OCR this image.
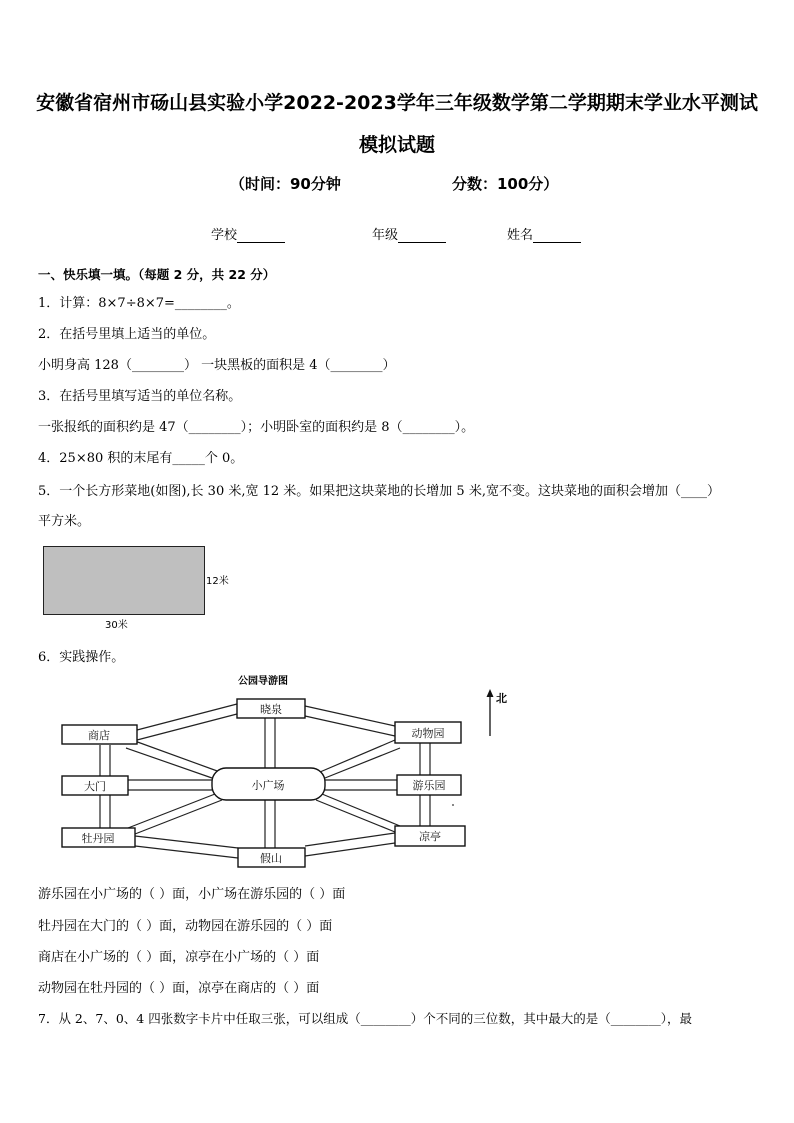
安徽省宿州市砀山县实验小学2022-2023学年三年级数学第二学期期末学业水平测试
模拟试题
（时间：90分钟	分数：100分）
学校	年级	姓名
一、快乐填一填。（每题 2 分，共 22 分）
1．计算：8×7÷8×7=________。
2．在括号里填上适当的单位。
小明身高 128（________） 一块黑板的面积是 4（________）
3．在括号里填写适当的单位名称。
一张报纸的面积约是 47（________）；小明卧室的面积约是 8（________）。
4．25×80 积的末尾有_____个 0。
5．一个长方形菜地(如图),长 30 米,宽 12 米。如果把这块菜地的长增加 5 米,宽不变。这块菜地的面积会增加（____）
平方米。
12米
30米
6．实践操作。
公园导游图
晓泉
商店	动物园
大门	小广场	游乐园
牡丹园	凉亭
假山
北
游乐园在小广场的（ ）面，小广场在游乐园的（ ）面
牡丹园在大门的（ ）面，动物园在游乐园的（ ）面
商店在小广场的（ ）面，凉亭在小广场的（ ）面
动物园在牡丹园的（ ）面，凉亭在商店的（ ）面
7．从 2、7、0、4 四张数字卡片中任取三张，可以组成（________）个不同的三位数，其中最大的是（________），最
